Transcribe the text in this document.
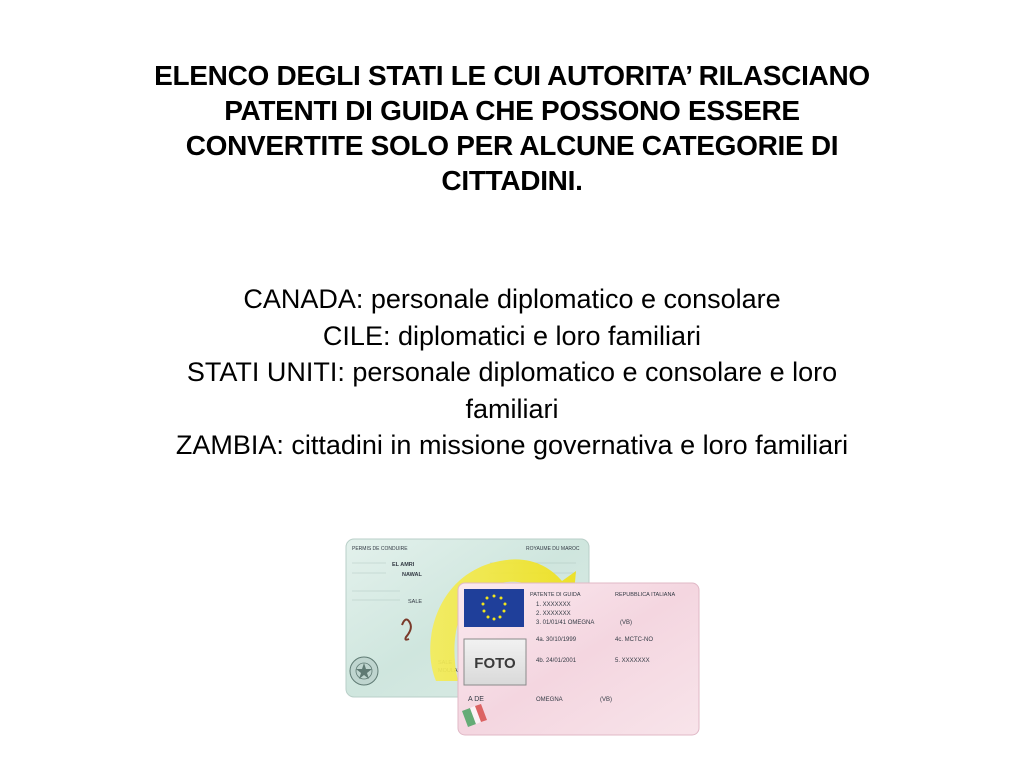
ELENCO DEGLI STATI LE CUI AUTORITA’ RILASCIANO
PATENTI DI GUIDA CHE POSSONO ESSERE
CONVERTITE SOLO PER ALCUNE CATEGORIE DI
CITTADINI.
CANADA: personale diplomatico e consolare
CILE: diplomatici e loro familiari
STATI UNITI: personale diplomatico e consolare e loro
familiari
ZAMBIA: cittadini in missione governativa e loro familiari
PERMIS DE CONDUIRE	ROYAUME DU MAROC
EL AMRI
NAWAL
SALE
PATENTE DI GUIDA	REPUBBLICA ITALIANA
1. XXXXXXX
2. XXXXXXX
3. 01/01/41 OMEGNA	(VB)
4a. 30/10/1999	4c. MCTC-NO
4b. 24/01/2001	5. XXXXXXX
A DE	OMEGNA	(VB)
FOTO
